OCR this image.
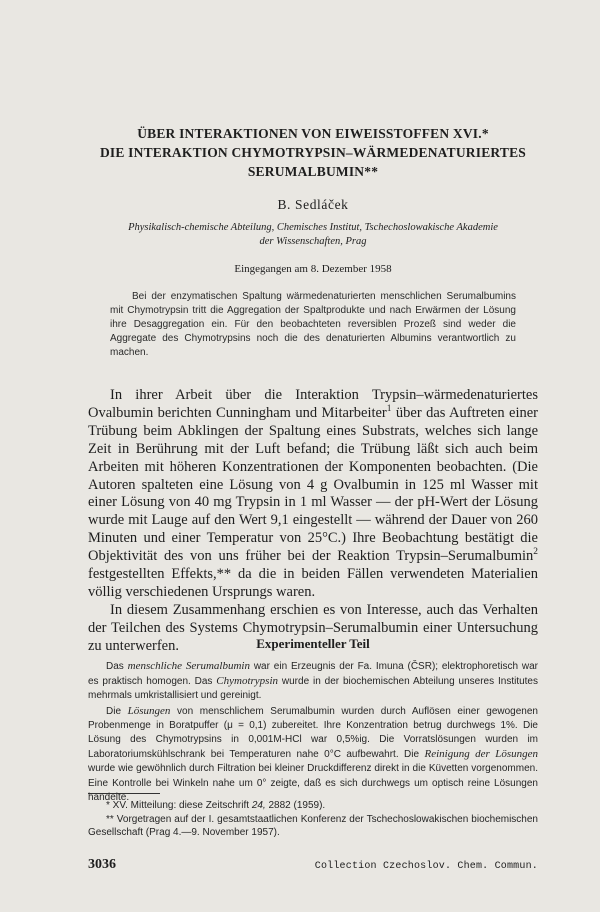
ÜBER INTERAKTIONEN VON EIWEISSTOFFEN XVI.*
DIE INTERAKTION CHYMOTRYPSIN–WÄRMEDENATURIERTES
SERUMALBUMIN**
B. Sedláček
Physikalisch-chemische Abteilung, Chemisches Institut, Tschechoslowakische Akademie
der Wissenschaften, Prag
Eingegangen am 8. Dezember 1958
Bei der enzymatischen Spaltung wärmedenaturierten menschlichen Serumalbumins mit Chymotrypsin tritt die Aggregation der Spaltprodukte und nach Erwärmen der Lösung ihre Desaggregation ein. Für den beobachteten reversiblen Prozeß sind weder die Aggregate des Chymotrypsins noch die des denaturierten Albumins verantwortlich zu machen.

In ihrer Arbeit über die Interaktion Trypsin–wärmedenaturiertes Ovalbumin berichten Cunningham und Mitarbeiter$^1$ über das Auftreten einer Trübung beim Abklingen der Spaltung eines Substrats, welches sich lange Zeit in Berührung mit der Luft befand; die Trübung läßt sich auch beim Arbeiten mit höheren Konzentrationen der Komponenten beobachten. (Die Autoren spalteten eine Lösung von 4 g Ovalbumin in 125 ml Wasser mit einer Lösung von 40 mg Trypsin in 1 ml Wasser — der pH-Wert der Lösung wurde mit Lauge auf den Wert 9,1 eingestellt — während der Dauer von 260 Minuten und einer Temperatur von 25°C.) Ihre Beobachtung bestätigt die Objektivität des von uns früher bei der Reaktion Trypsin–Serumalbumin$^2$ festgestellten Effekts,** da die in beiden Fällen verwendeten Materialien völlig verschiedenen Ursprungs waren.

In diesem Zusammenhang erschien es von Interesse, auch das Verhalten der Teilchen des Systems Chymotrypsin–Serumalbumin einer Untersuchung zu unterwerfen.	Experimenteller Teil

Das menschliche Serumalbumin war ein Erzeugnis der Fa. Imuna (ČSR); elektrophoretisch war es praktisch homogen. Das Chymotrypsin wurde in der biochemischen Abteilung unseres Institutes mehrmals umkristallisiert und gereinigt.

Die Lösungen von menschlichem Serumalbumin wurden durch Auflösen einer gewogenen Probenmenge in Boratpuffer (μ = 0,1) zubereitet. Ihre Konzentration betrug durchwegs 1%. Die Lösung des Chymotrypsins in 0,001M-HCl war 0,5%ig. Die Vorratslösungen wurden im Laboratoriumskühlschrank bei Temperaturen nahe 0°C aufbewahrt. Die Reinigung der Lösungen wurde wie gewöhnlich durch Filtration bei kleiner Druckdifferenz direkt in die Küvetten vorgenommen. Eine Kontrolle bei Winkeln nahe um 0° zeigte, daß es sich durchwegs um optisch reine Lösungen handelte.

* XV. Mitteilung: diese Zeitschrift 24, 2882 (1959).

** Vorgetragen auf der I. gesamtstaatlichen Konferenz der Tschechoslowakischen biochemischen Gesellschaft (Prag 4.—9. November 1957).

3036	Collection Czechoslov. Chem. Commun.
